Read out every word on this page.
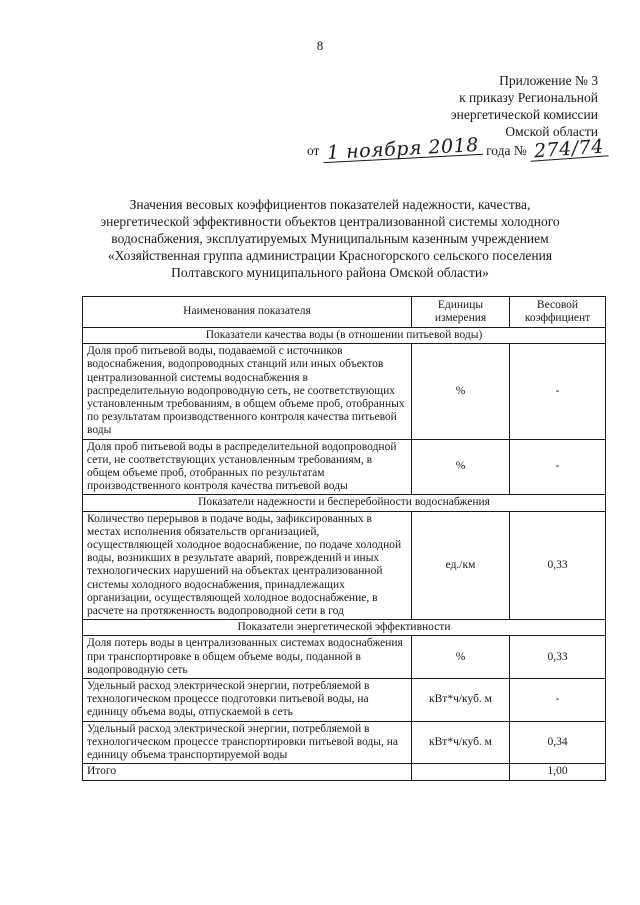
8
Приложение № 3
к приказу Региональной
энергетической комиссии
Омской области
от 1 ноября 2018 года № 274/74
Значения весовых коэффициентов показателей надежности, качества,
энергетической эффективности объектов централизованной системы холодного
водоснабжения, эксплуатируемых Муниципальным казенным учреждением
«Хозяйственная группа администрации Красногорского сельского поселения
Полтавского муниципального района Омской области»
Наименования показателя	Единицы измерения	Весовой коэффициент
Показатели качества воды (в отношении питьевой воды)		
Доля проб питьевой воды, подаваемой с источников водоснабжения, водопроводных станций или иных объектов централизованной системы водоснабжения в распределительную водопроводную сеть, не соответствующих установленным требованиям, в общем объеме проб, отобранных по результатам производственного контроля качества питьевой воды	%	-
Доля проб питьевой воды в распределительной водопроводной сети, не соответствующих установленным требованиям, в общем объеме проб, отобранных по результатам производственного контроля качества питьевой воды	%	-
Показатели надежности и бесперебойности водоснабжения		
Количество перерывов в подаче воды, зафиксированных в местах исполнения обязательств организацией, осуществляющей холодное водоснабжение, по подаче холодной воды, возникших в результате аварий, повреждений и иных технологических нарушений на объектах централизованной системы холодного водоснабжения, принадлежащих организации, осуществляющей холодное водоснабжение, в расчете на протяженность водопроводной сети в год	ед./км	0,33
Показатели энергетической эффективности		
Доля потерь воды в централизованных системах водоснабжения при транспортировке в общем объеме воды, поданной в водопроводную сеть	%	0,33
Удельный расход электрической энергии, потребляемой в технологическом процессе подготовки питьевой воды, на единицу объема воды, отпускаемой в сеть	кВт*ч/куб. м	-
Удельный расход электрической энергии, потребляемой в технологическом процессе транспортировки питьевой воды, на единицу объема транспортируемой воды	кВт*ч/куб. м	0,34
Итого		1,00
